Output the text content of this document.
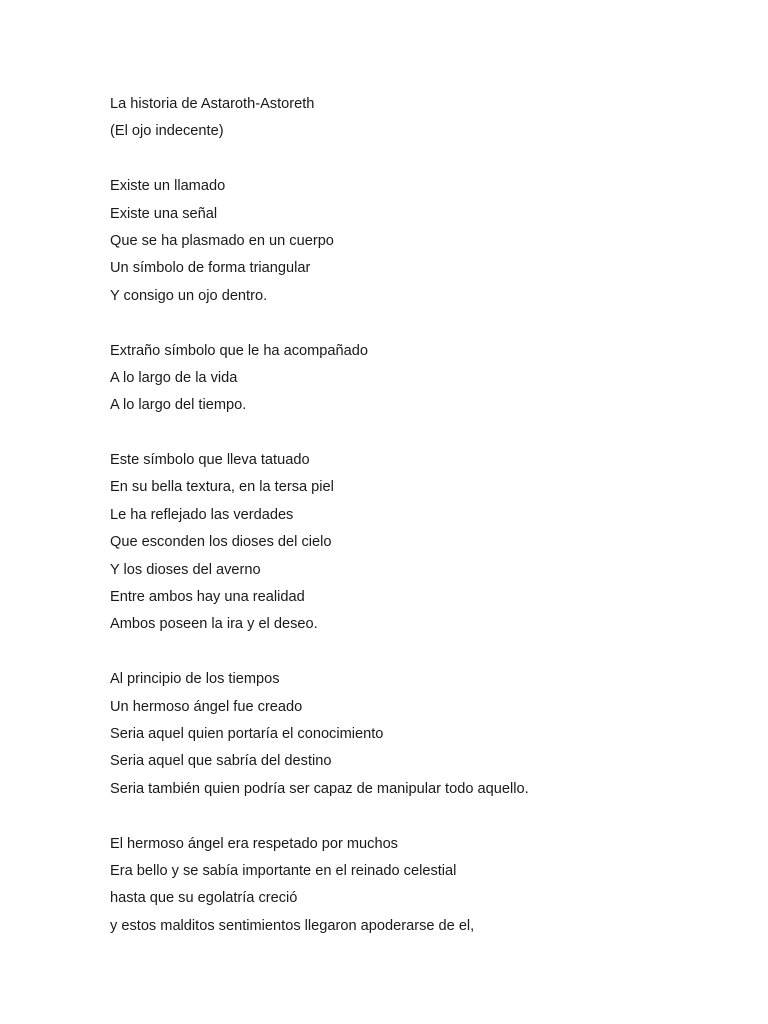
La historia de Astaroth-Astoreth
(El ojo indecente)
Existe un llamado
Existe una señal
Que se ha plasmado en un cuerpo
Un símbolo de forma triangular
Y consigo un ojo dentro.
Extraño símbolo que le ha acompañado
A lo largo de la vida
A lo largo del tiempo.
Este símbolo que lleva tatuado
En su bella textura, en la tersa piel
Le ha reflejado las verdades
Que esconden los dioses del cielo
Y los dioses del averno
Entre ambos hay una realidad
Ambos poseen la ira y el deseo.
Al principio de los tiempos
Un hermoso ángel fue creado
Seria aquel quien portaría el conocimiento
Seria aquel que sabría del destino
Seria también quien podría ser capaz de manipular todo aquello.
El hermoso ángel era respetado por muchos
Era bello y se sabía importante en el reinado celestial
hasta que su egolatría creció
y estos malditos sentimientos llegaron apoderarse de el,
